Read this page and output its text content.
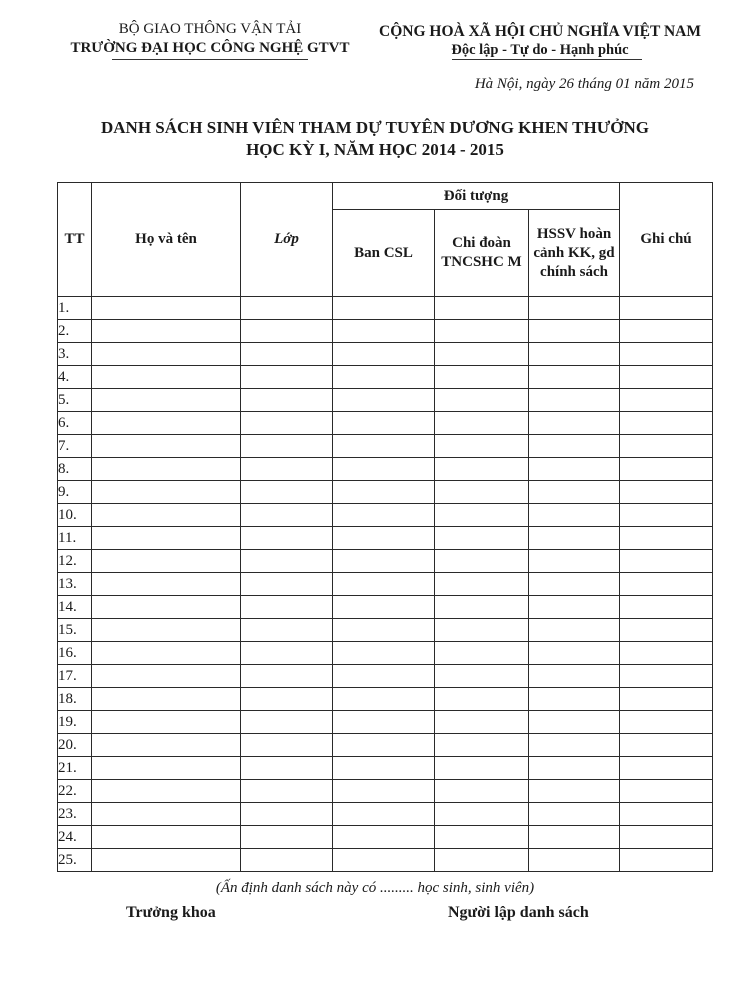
BỘ GIAO THÔNG VẬN TẢI
TRƯỜNG ĐẠI HỌC CÔNG NGHỆ GTVT
CỘNG HOÀ XÃ HỘI CHỦ NGHĨA VIỆT NAM
Độc lập - Tự do - Hạnh phúc
Hà Nội, ngày 26 tháng 01 năm 2015
DANH SÁCH SINH VIÊN THAM DỰ TUYÊN DƯƠNG KHEN THƯỞNG
HỌC KỲ I, NĂM HỌC 2014 - 2015
TT	Họ và tên	Lớp	Đối tượng			Ghi chú
			Ban CSL	Chi đoàn TNCSHC M	HSSV hoàn cảnh KK, gd chính sách	
1.						
2.						
3.						
4.						
5.						
6.						
7.						
8.						
9.						
10.						
11.						
12.						
13.						
14.						
15.						
16.						
17.						
18.						
19.						
20.						
21.						
22.						
23.						
24.						
25.						
(Ấn định danh sách này có ......... học sinh, sinh viên)
Trưởng khoa	Người lập danh sách
